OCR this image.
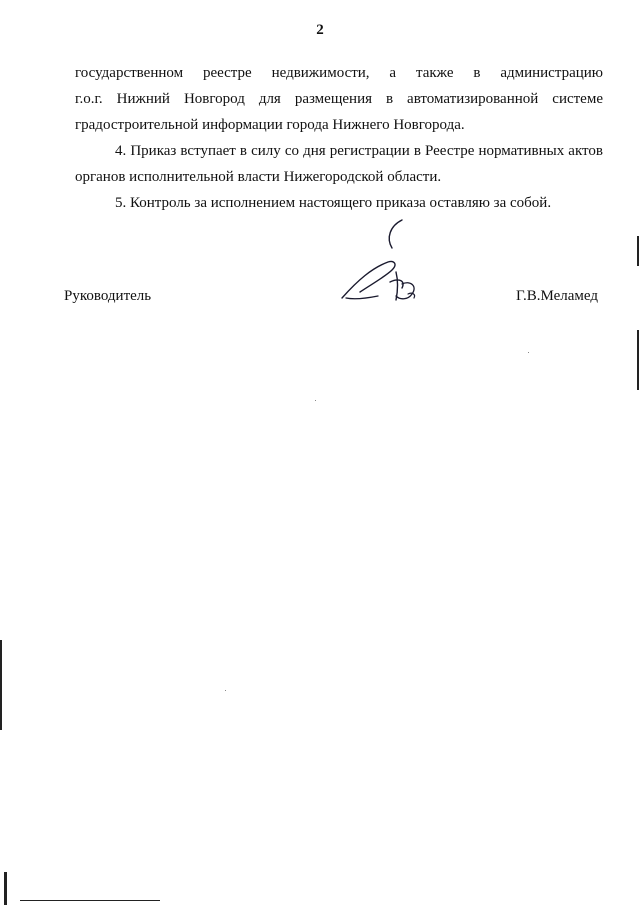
2
государственном реестре недвижимости, а также в администрацию
г.о.г. Нижний Новгород для размещения в автоматизированной системе
градостроительной информации города Нижнего Новгорода.
4. Приказ вступает в силу со дня регистрации в Реестре нормативных актов
органов исполнительной власти Нижегородской области.
5. Контроль за исполнением настоящего приказа оставляю за собой.
Руководитель	Г.В.Меламед
